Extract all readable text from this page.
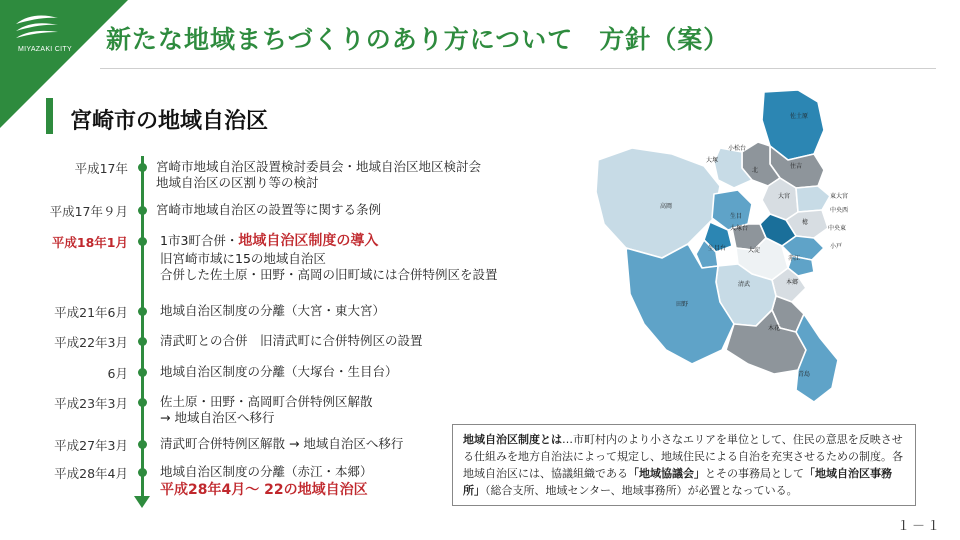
MIYAZAKI CITY 新たな地域まちづくりのあり方について　方針（案）
宮崎市の地域自治区
平成17年 宮崎市地域自治区設置検討委員会・地域自治区地区検討会
地域自治区の区割り等の検討
平成17年９月 宮崎市地域自治区の設置等に関する条例
平成18年1月	1市3町合併・地域自治区制度の導入
旧宮崎市域に15の地域自治区
合併した佐土原・田野・高岡の旧町域には合併特例区を設置
平成21年6月	地域自治区制度の分離（大宮・東大宮）
平成22年3月	清武町との合併　旧清武町に合併特例区の設置
6月	地域自治区制度の分離（大塚台・生目台）
平成23年3月	佐土原・田野・高岡町合併特例区解散
→ 地域自治区へ移行
平成27年3月	清武町合併特例区解散 → 地域自治区へ移行
平成28年4月	地域自治区制度の分離（赤江・本郷）
平成28年4月～ 22の地域自治区
佐土原
住吉
小松台
大塚
北
大宮	東大宮
中央西
檍
中央東
小戸
高岡
生目
大塚台
生目台	大淀
赤江
本郷
清武
田野
木花
青島
地域自治区制度とは…市町村内のより小さなエリアを単位として、住民の意思を反映させる仕組みを地方自治法によって規定し、地域住民による自治を充実させるための制度。各地域自治区には、協議組織である「地域協議会」とその事務局として「地域自治区事務所」（総合支所、地域センター、地域事務所）が必置となっている。
１－１
